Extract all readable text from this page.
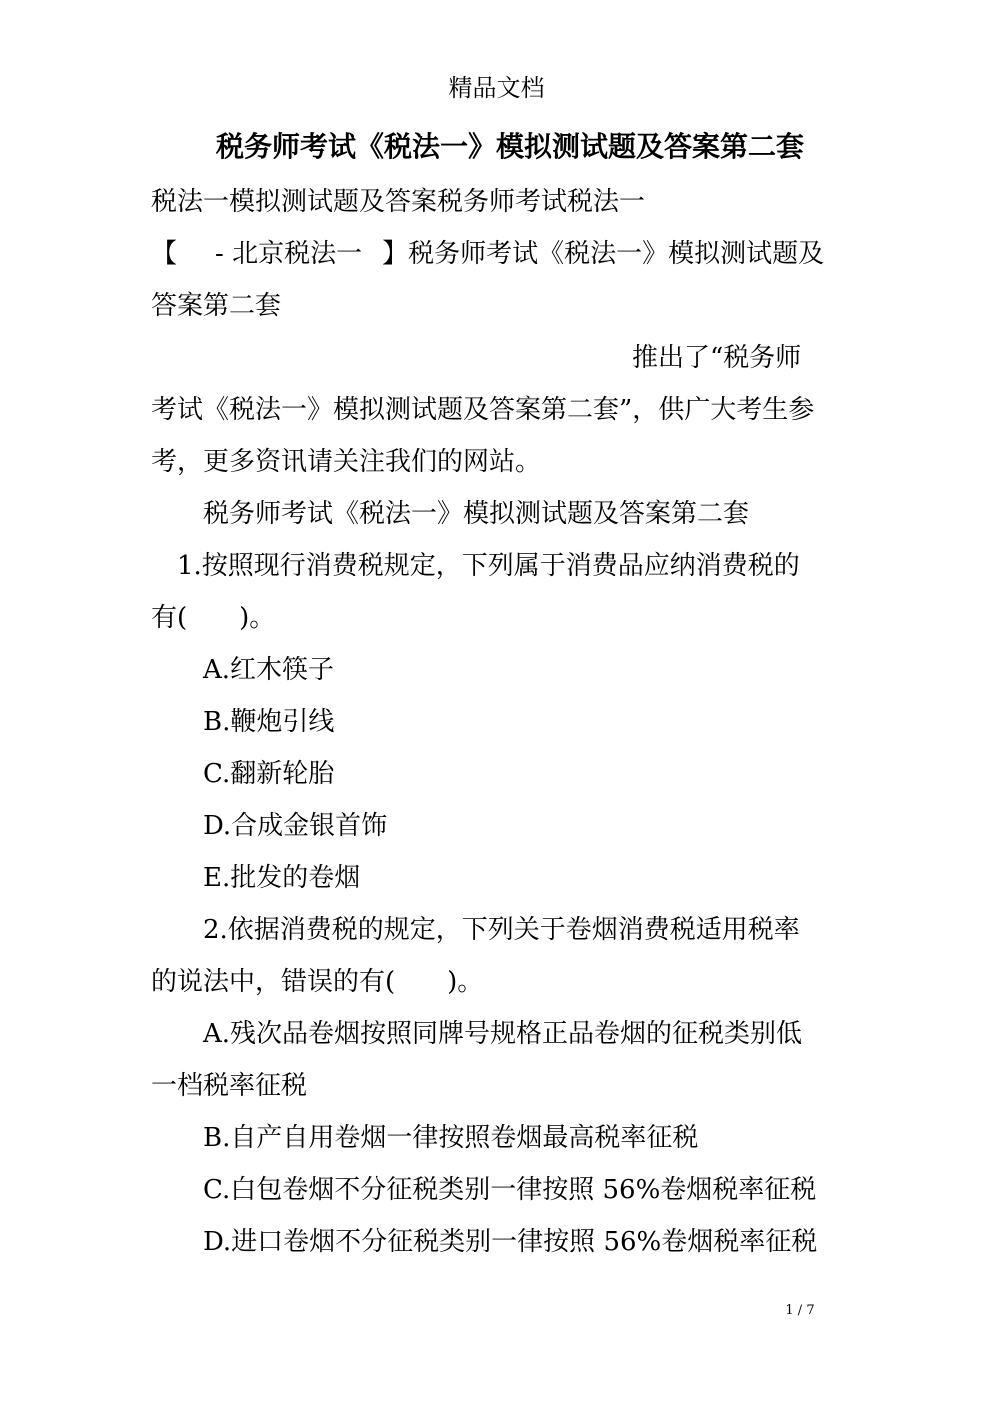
精品文档
税务师考试《税法一》模拟测试题及答案第二套
税法一模拟测试题及答案税务师考试税法一
【 - 北京税法一 】税务师考试《税法一》模拟测试题及
答案第二套
推出了“税务师
考试《税法一》模拟测试题及答案第二套”，供广大考生参
考，更多资讯请关注我们的网站。
税务师考试《税法一》模拟测试题及答案第二套
1.按照现行消费税规定，下列属于消费品应纳消费税的
有(　　)。
A.红木筷子
B.鞭炮引线
C.翻新轮胎
D.合成金银首饰
E.批发的卷烟
2.依据消费税的规定，下列关于卷烟消费税适用税率
的说法中，错误的有(　　)。
A.残次品卷烟按照同牌号规格正品卷烟的征税类别低
一档税率征税
B.自产自用卷烟一律按照卷烟最高税率征税
C.白包卷烟不分征税类别一律按照 56%卷烟税率征税
D.进口卷烟不分征税类别一律按照 56%卷烟税率征税
1 / 7
